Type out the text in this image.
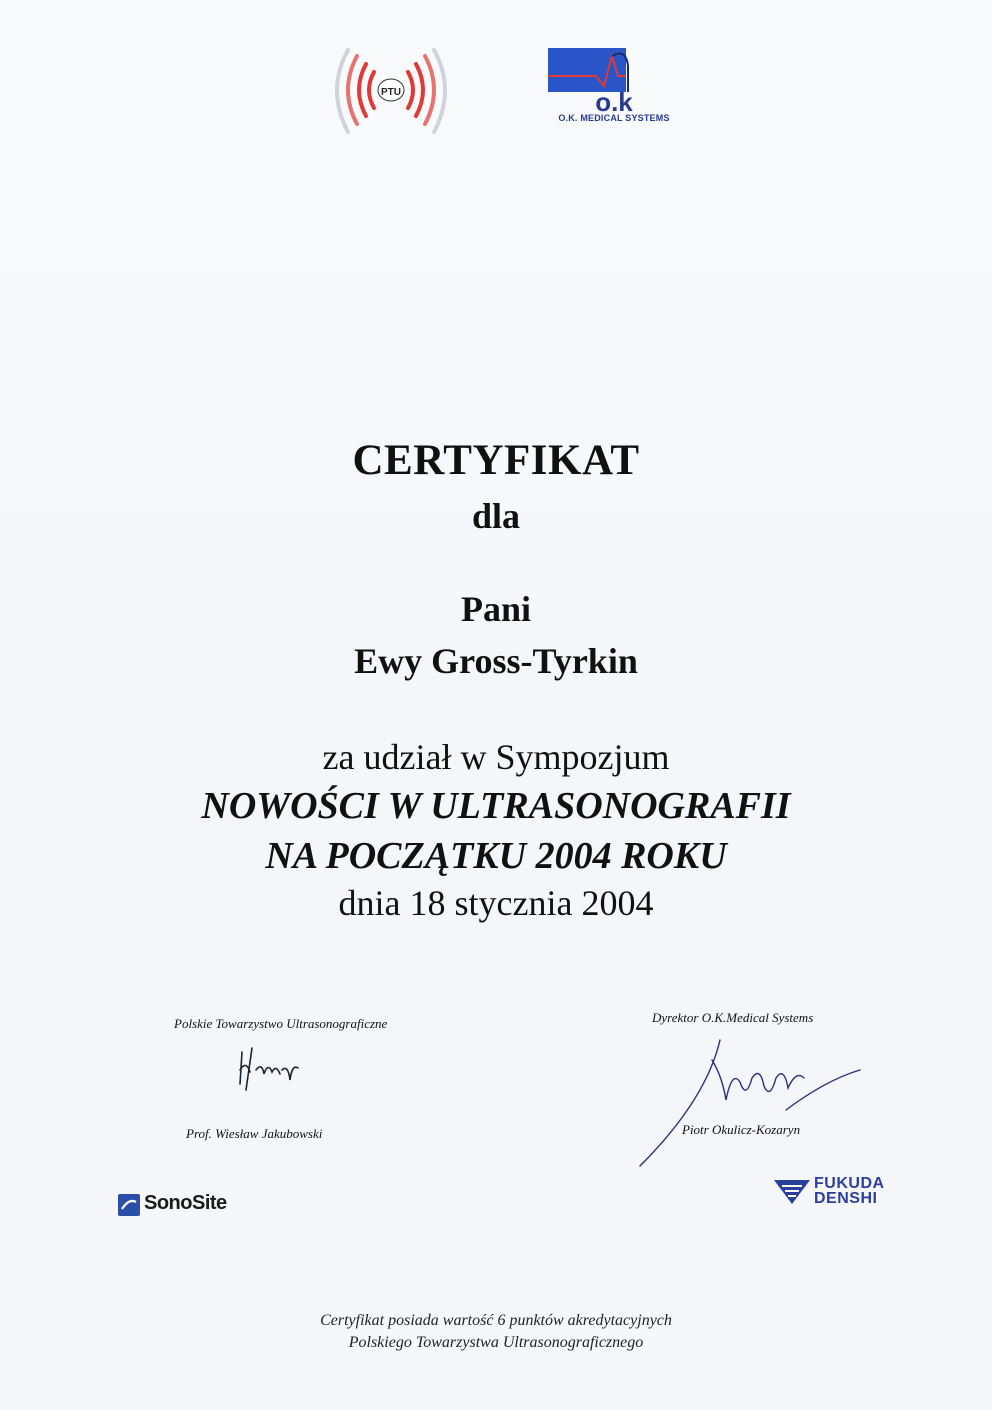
PTU	o.k
O.K. MEDICAL SYSTEMS
CERTYFIKAT
dla
Pani
Ewy Gross-Tyrkin
za udział w Sympozjum
NOWOŚCI W ULTRASONOGRAFII
NA POCZĄTKU 2004 ROKU
dnia 18 stycznia 2004
Polskie Towarzystwo Ultrasonograficzne
Prof. Wiesław Jakubowski
Dyrektor O.K.Medical Systems
Piotr Okulicz-Kozaryn
SonoSite
FUKUDA
DENSHI
Certyfikat posiada wartość 6 punktów akredytacyjnych
Polskiego Towarzystwa Ultrasonograficznego
